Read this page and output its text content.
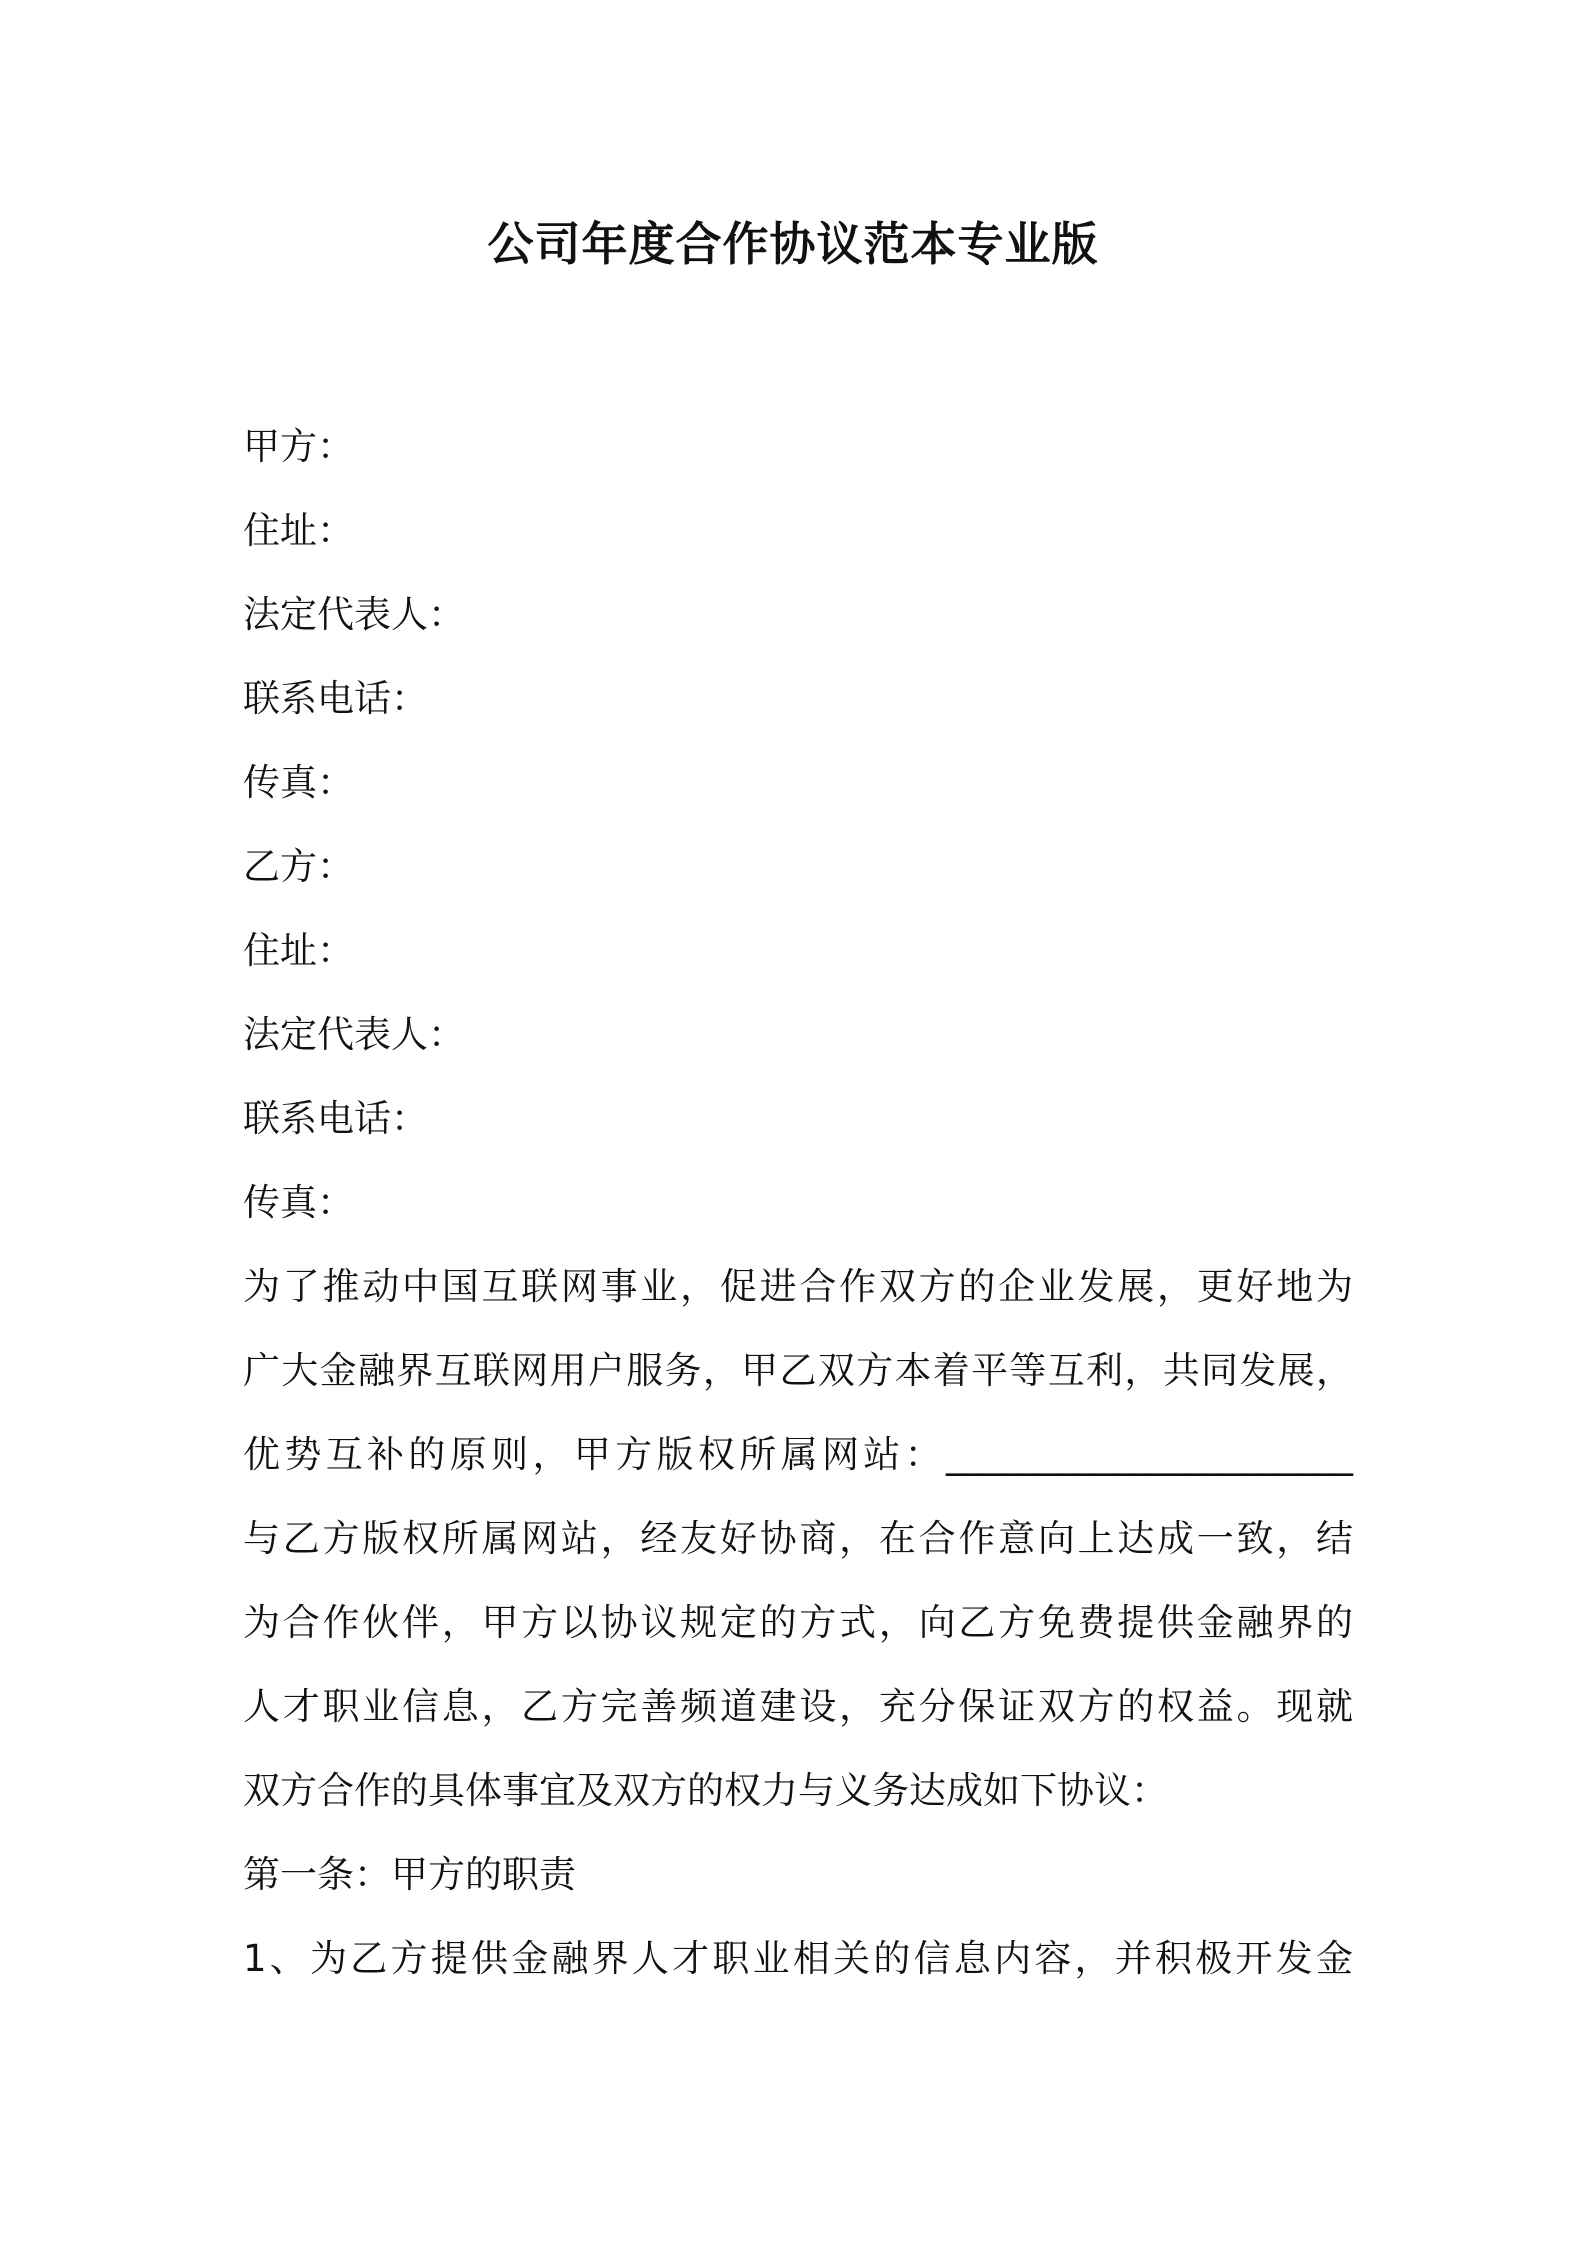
公司年度合作协议范本专业版
甲方：
住址：
法定代表人：
联系电话：
传真：
乙方：
住址：
法定代表人：
联系电话：
传真：
为了推动中国互联网事业，促进合作双方的企业发展，更好地为
广大金融界互联网用户服务，甲乙双方本着平等互利，共同发展，
优势互补的原则，甲方版权所属网站：______________________
与乙方版权所属网站，经友好协商，在合作意向上达成一致，结
为合作伙伴，甲方以协议规定的方式，向乙方免费提供金融界的
人才职业信息，乙方完善频道建设，充分保证双方的权益。现就
双方合作的具体事宜及双方的权力与义务达成如下协议：
第一条：甲方的职责
1、为乙方提供金融界人才职业相关的信息内容，并积极开发金
